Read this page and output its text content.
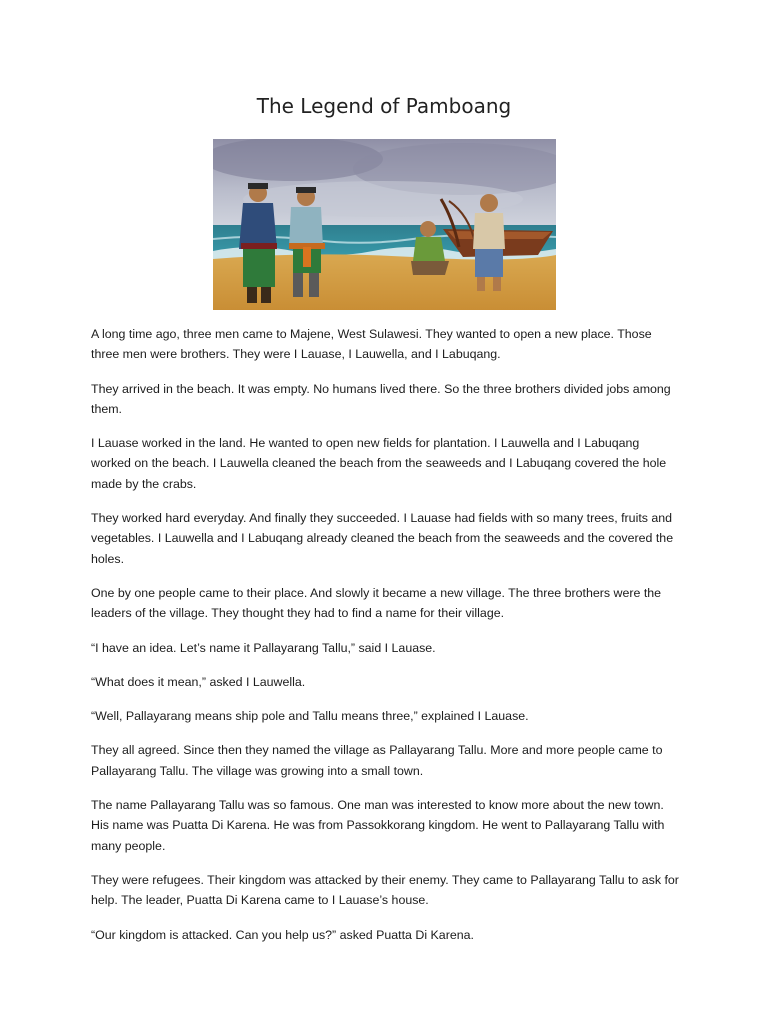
The Legend of Pamboang

A long time ago, three men came to Majene, West Sulawesi. They wanted to open a new place. Those three men were brothers. They were I Lauase, I Lauwella, and I Labuqang.

They arrived in the beach. It was empty. No humans lived there. So the three brothers divided jobs among them.

I Lauase worked in the land. He wanted to open new fields for plantation. I Lauwella and I Labuqang worked on the beach. I Lauwella cleaned the beach from the seaweeds and I Labuqang covered the hole made by the crabs.

They worked hard everyday. And finally they succeeded. I Lauase had fields with so many trees, fruits and vegetables. I Lauwella and I Labuqang already cleaned the beach from the seaweeds and the covered the holes.

One by one people came to their place. And slowly it became a new village. The three brothers were the leaders of the village. They thought they had to find a name for their village.

“I have an idea. Let’s name it Pallayarang Tallu,” said I Lauase.

“What does it mean,” asked I Lauwella.

“Well, Pallayarang means ship pole and Tallu means three,” explained I Lauase.

They all agreed. Since then they named the village as Pallayarang Tallu. More and more people came to Pallayarang Tallu. The village was growing into a small town.

The name Pallayarang Tallu was so famous. One man was interested to know more about the new town. His name was Puatta Di Karena. He was from Passokkorang kingdom. He went to Pallayarang Tallu with many people.

They were refugees. Their kingdom was attacked by their enemy. They came to Pallayarang Tallu to ask for help. The leader, Puatta Di Karena came to I Lauase’s house.

“Our kingdom is attacked. Can you help us?” asked Puatta Di Karena.
